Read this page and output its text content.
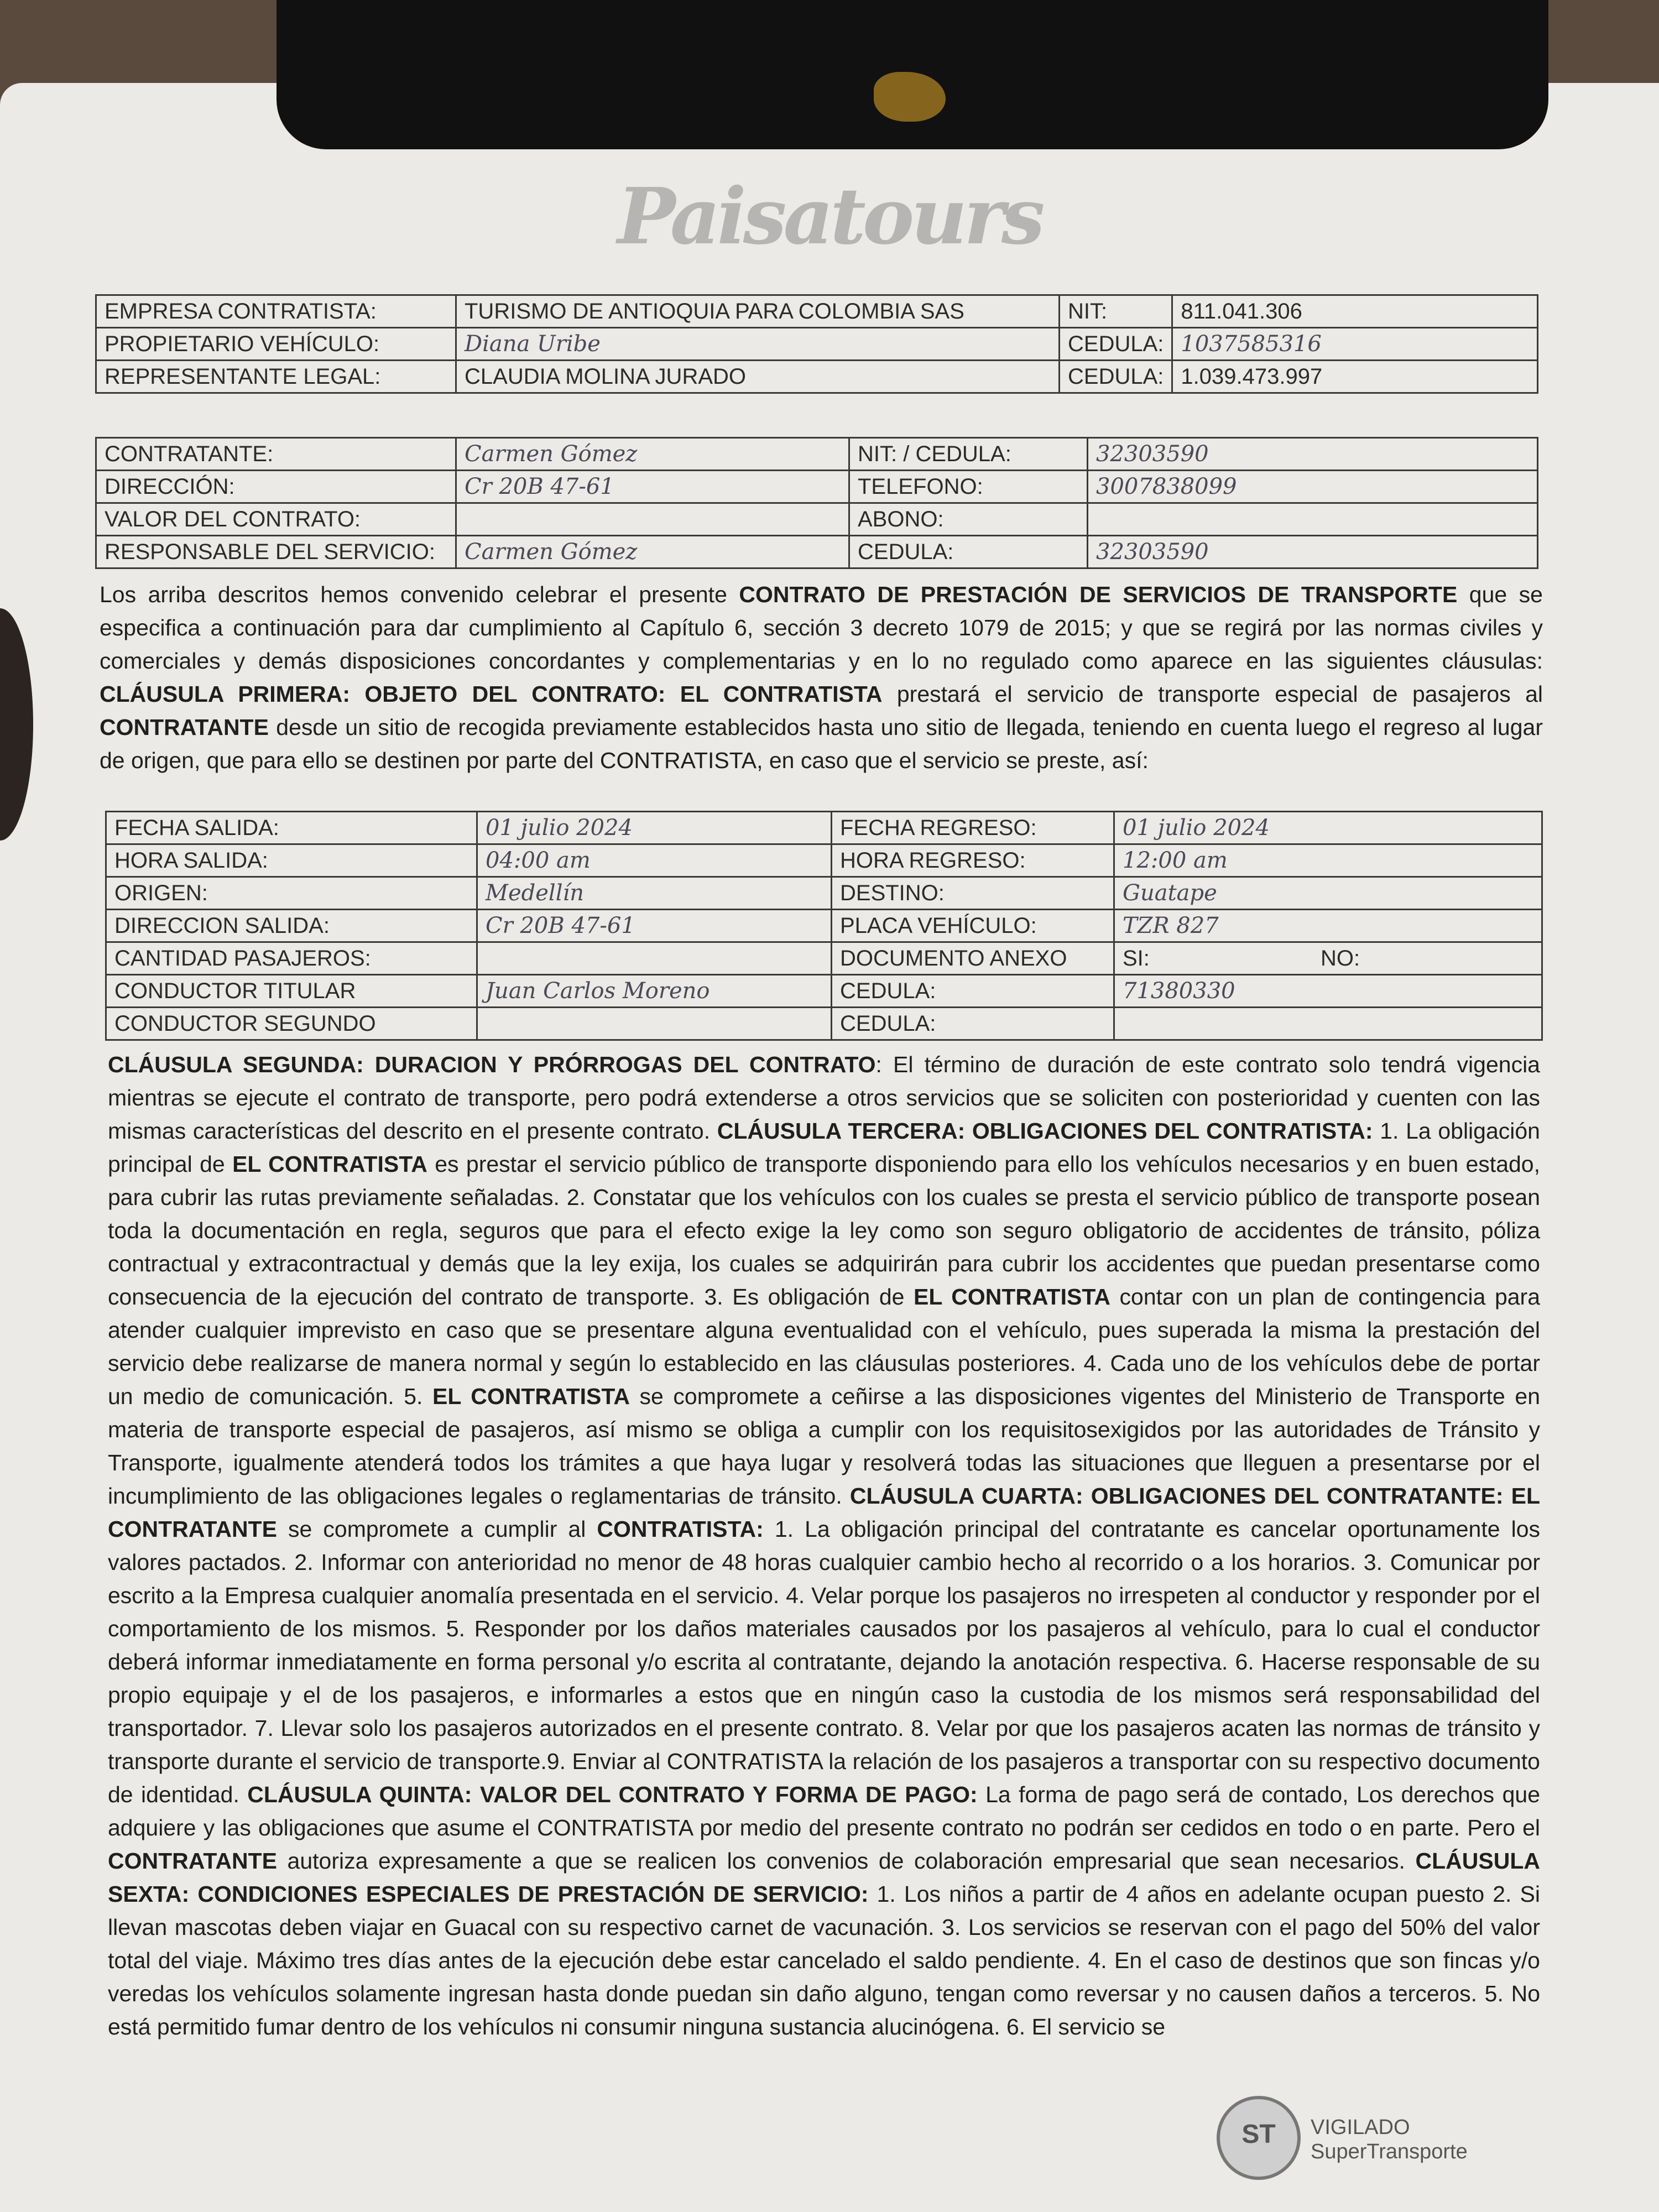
Paisatours
EMPRESA CONTRATISTA:	TURISMO DE ANTIOQUIA PARA COLOMBIA SAS	NIT:	811.041.306
PROPIETARIO VEHÍCULO:	Diana Uribe	CEDULA:	1037585316
REPRESENTANTE LEGAL:	CLAUDIA MOLINA JURADO	CEDULA:	1.039.473.997
CONTRATANTE:	Carmen Gómez	NIT: / CEDULA:	32303590
DIRECCIÓN:	Cr 20B 47-61	TELEFONO:	3007838099
VALOR DEL CONTRATO:		ABONO:	
RESPONSABLE DEL SERVICIO:	Carmen Gómez	CEDULA:	32303590
Los arriba descritos hemos convenido celebrar el presente CONTRATO DE PRESTACIÓN DE SERVICIOS DE TRANSPORTE que se especifica a continuación para dar cumplimiento al Capítulo 6, sección 3 decreto 1079 de 2015; y que se regirá por las normas civiles y comerciales y demás disposiciones concordantes y complementarias y en lo no regulado como aparece en las siguientes cláusulas: CLÁUSULA PRIMERA: OBJETO DEL CONTRATO: EL CONTRATISTA prestará el servicio de transporte especial de pasajeros al CONTRATANTE desde un sitio de recogida previamente establecidos hasta uno sitio de llegada, teniendo en cuenta luego el regreso al lugar de origen, que para ello se destinen por parte del CONTRATISTA, en caso que el servicio se preste, así:
FECHA SALIDA:	01 julio 2024	FECHA REGRESO:	01 julio 2024	
HORA SALIDA:	04:00 am	HORA REGRESO:	12:00 am	
ORIGEN:	Medellín	DESTINO:	Guatape	
DIRECCION SALIDA:	Cr 20B 47-61	PLACA VEHÍCULO:	TZR 827	
CANTIDAD PASAJEROS:		DOCUMENTO ANEXO	SI:	NO:
CONDUCTOR TITULAR	Juan Carlos Moreno	CEDULA:	71380330	
CONDUCTOR SEGUNDO		CEDULA:		
CLÁUSULA SEGUNDA: DURACION Y PRÓRROGAS DEL CONTRATO: El término de duración de este contrato solo tendrá vigencia mientras se ejecute el contrato de transporte, pero podrá extenderse a otros servicios que se soliciten con posterioridad y cuenten con las mismas características del descrito en el presente contrato. CLÁUSULA TERCERA: OBLIGACIONES DEL CONTRATISTA: 1. La obligación principal de EL CONTRATISTA es prestar el servicio público de transporte disponiendo para ello los vehículos necesarios y en buen estado, para cubrir las rutas previamente señaladas. 2. Constatar que los vehículos con los cuales se presta el servicio público de transporte posean toda la documentación en regla, seguros que para el efecto exige la ley como son seguro obligatorio de accidentes de tránsito, póliza contractual y extracontractual y demás que la ley exija, los cuales se adquirirán para cubrir los accidentes que puedan presentarse como consecuencia de la ejecución del contrato de transporte. 3. Es obligación de EL CONTRATISTA contar con un plan de contingencia para atender cualquier imprevisto en caso que se presentare alguna eventualidad con el vehículo, pues superada la misma la prestación del servicio debe realizarse de manera normal y según lo establecido en las cláusulas posteriores. 4. Cada uno de los vehículos debe de portar un medio de comunicación. 5. EL CONTRATISTA se compromete a ceñirse a las disposiciones vigentes del Ministerio de Transporte en materia de transporte especial de pasajeros, así mismo se obliga a cumplir con los requisitosexigidos por las autoridades de Tránsito y Transporte, igualmente atenderá todos los trámites a que haya lugar y resolverá todas las situaciones que lleguen a presentarse por el incumplimiento de las obligaciones legales o reglamentarias de tránsito. CLÁUSULA CUARTA: OBLIGACIONES DEL CONTRATANTE: EL CONTRATANTE se compromete a cumplir al CONTRATISTA: 1. La obligación principal del contratante es cancelar oportunamente los valores pactados. 2. Informar con anterioridad no menor de 48 horas cualquier cambio hecho al recorrido o a los horarios. 3. Comunicar por escrito a la Empresa cualquier anomalía presentada en el servicio. 4. Velar porque los pasajeros no irrespeten al conductor y responder por el comportamiento de los mismos. 5. Responder por los daños materiales causados por los pasajeros al vehículo, para lo cual el conductor deberá informar inmediatamente en forma personal y/o escrita al contratante, dejando la anotación respectiva. 6. Hacerse responsable de su propio equipaje y el de los pasajeros, e informarles a estos que en ningún caso la custodia de los mismos será responsabilidad del transportador. 7. Llevar solo los pasajeros autorizados en el presente contrato. 8. Velar por que los pasajeros acaten las normas de tránsito y transporte durante el servicio de transporte.9. Enviar al CONTRATISTA la relación de los pasajeros a transportar con su respectivo documento de identidad. CLÁUSULA QUINTA: VALOR DEL CONTRATO Y FORMA DE PAGO: La forma de pago será de contado, Los derechos que adquiere y las obligaciones que asume el CONTRATISTA por medio del presente contrato no podrán ser cedidos en todo o en parte. Pero el CONTRATANTE autoriza expresamente a que se realicen los convenios de colaboración empresarial que sean necesarios. CLÁUSULA SEXTA: CONDICIONES ESPECIALES DE PRESTACIÓN DE SERVICIO: 1. Los niños a partir de 4 años en adelante ocupan puesto 2. Si llevan mascotas deben viajar en Guacal con su respectivo carnet de vacunación. 3. Los servicios se reservan con el pago del 50% del valor total del viaje. Máximo tres días antes de la ejecución debe estar cancelado el saldo pendiente. 4. En el caso de destinos que son fincas y/o veredas los vehículos solamente ingresan hasta donde puedan sin daño alguno, tengan como reversar y no causen daños a terceros. 5. No está permitido fumar dentro de los vehículos ni consumir ninguna sustancia alucinógena. 6. El servicio se
ST	VIGILADO
SuperTransporte
